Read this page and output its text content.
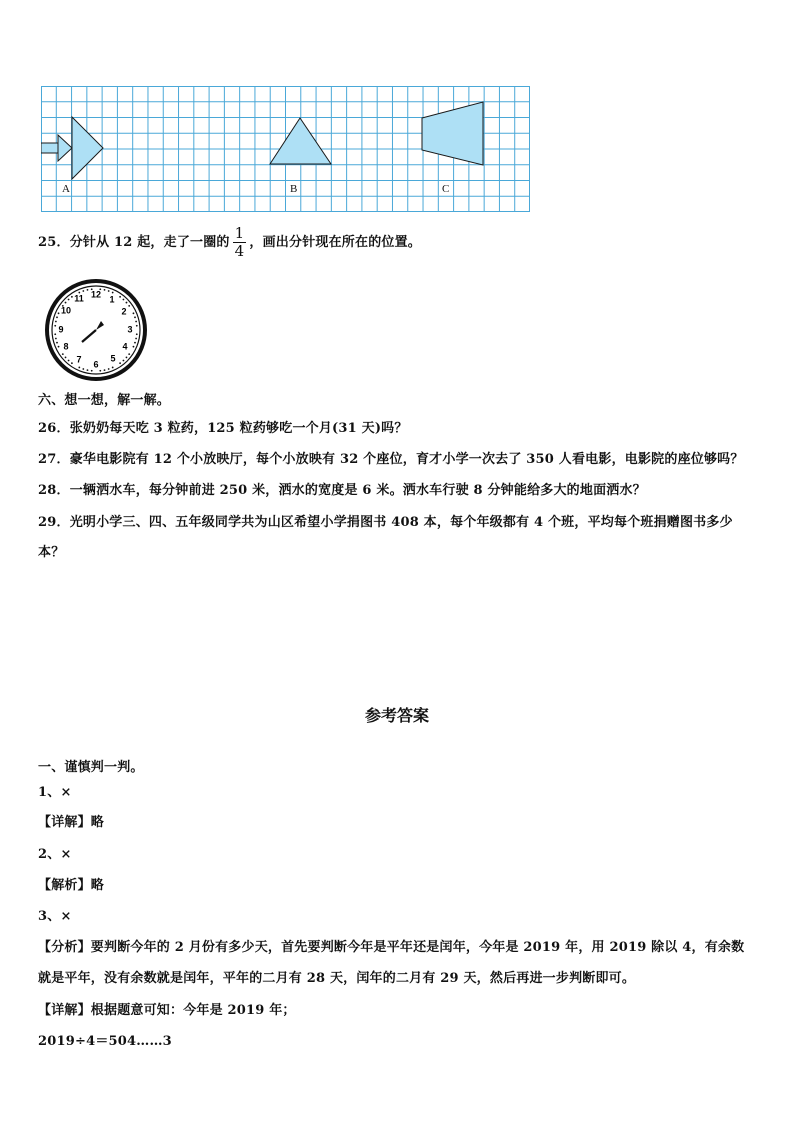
A	B	C
25．分针从 12 起，走了一圈的 $\frac{1}{4}$ ，画出分针现在所在的位置。
12 1
2
3
4
5
6
7
8
9
10
11
六、想一想，解一解。
26．张奶奶每天吃 3 粒药，125 粒药够吃一个月(31 天)吗？
27．豪华电影院有 12 个小放映厅，每个小放映有 32 个座位，育才小学一次去了 350 人看电影，电影院的座位够吗？
28．一辆洒水车，每分钟前进 250 米，洒水的宽度是 6 米。洒水车行驶 8 分钟能给多大的地面洒水？
29．光明小学三、四、五年级同学共为山区希望小学捐图书 408 本，每个年级都有 4 个班，平均每个班捐赠图书多少
本？
参考答案
一、谨慎判一判。
1、×
【详解】略
2、×
【解析】略
3、×
【分析】要判断今年的 2 月份有多少天，首先要判断今年是平年还是闰年，今年是 2019 年，用 2019 除以 4，有余数
就是平年，没有余数就是闰年，平年的二月有 28 天，闰年的二月有 29 天，然后再进一步判断即可。
【详解】根据题意可知：今年是 2019 年；
2019÷4＝504……3
